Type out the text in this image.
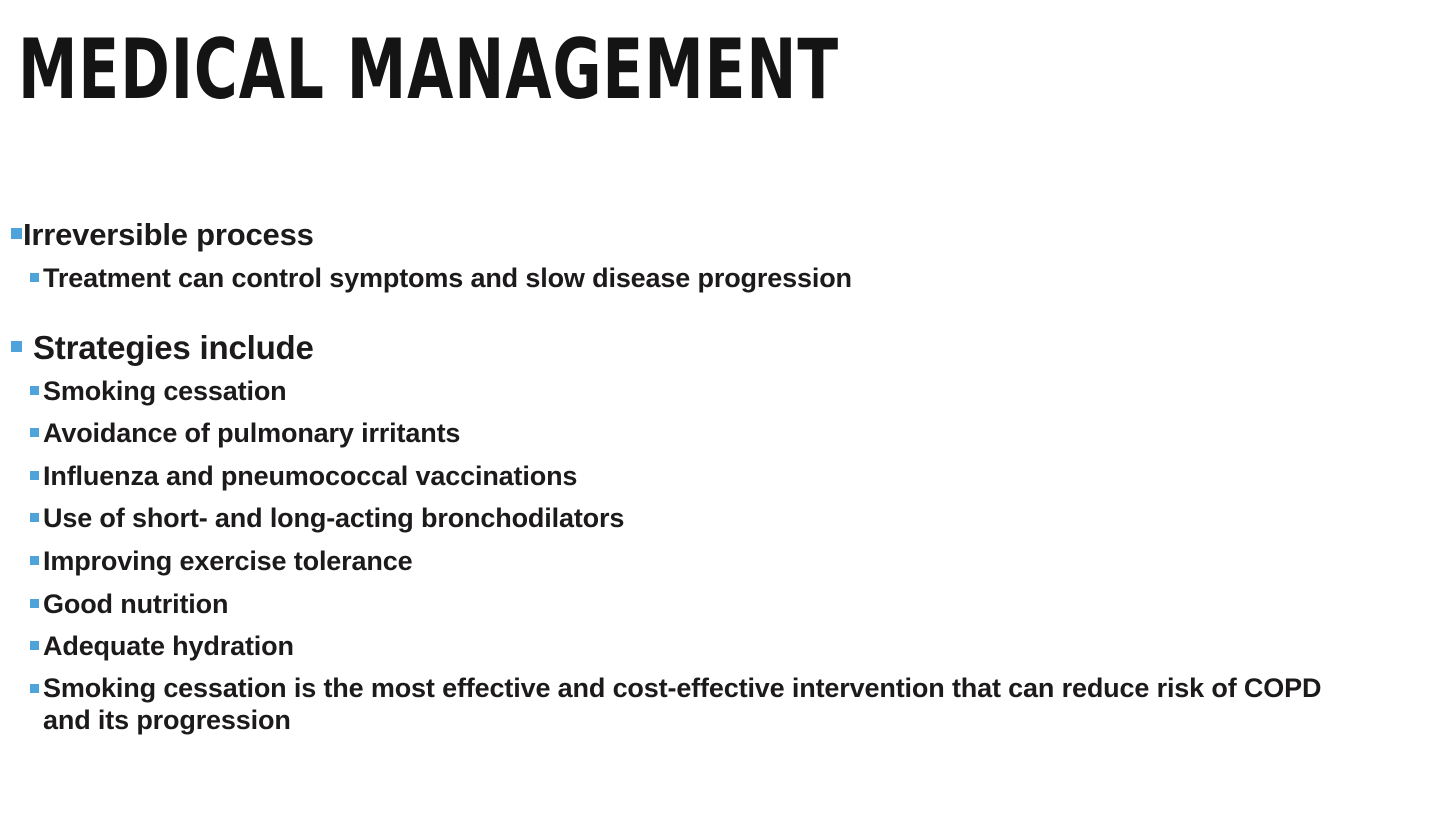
MEDICAL MANAGEMENT
Irreversible process
Treatment can control symptoms and slow disease progression
Strategies include
Smoking cessation
Avoidance of pulmonary irritants
Influenza and pneumococcal vaccinations
Use of short- and long-acting bronchodilators
Improving exercise tolerance
Good nutrition
Adequate hydration
Smoking cessation is the most effective and cost-effective intervention that can reduce risk of COPD and its progression
